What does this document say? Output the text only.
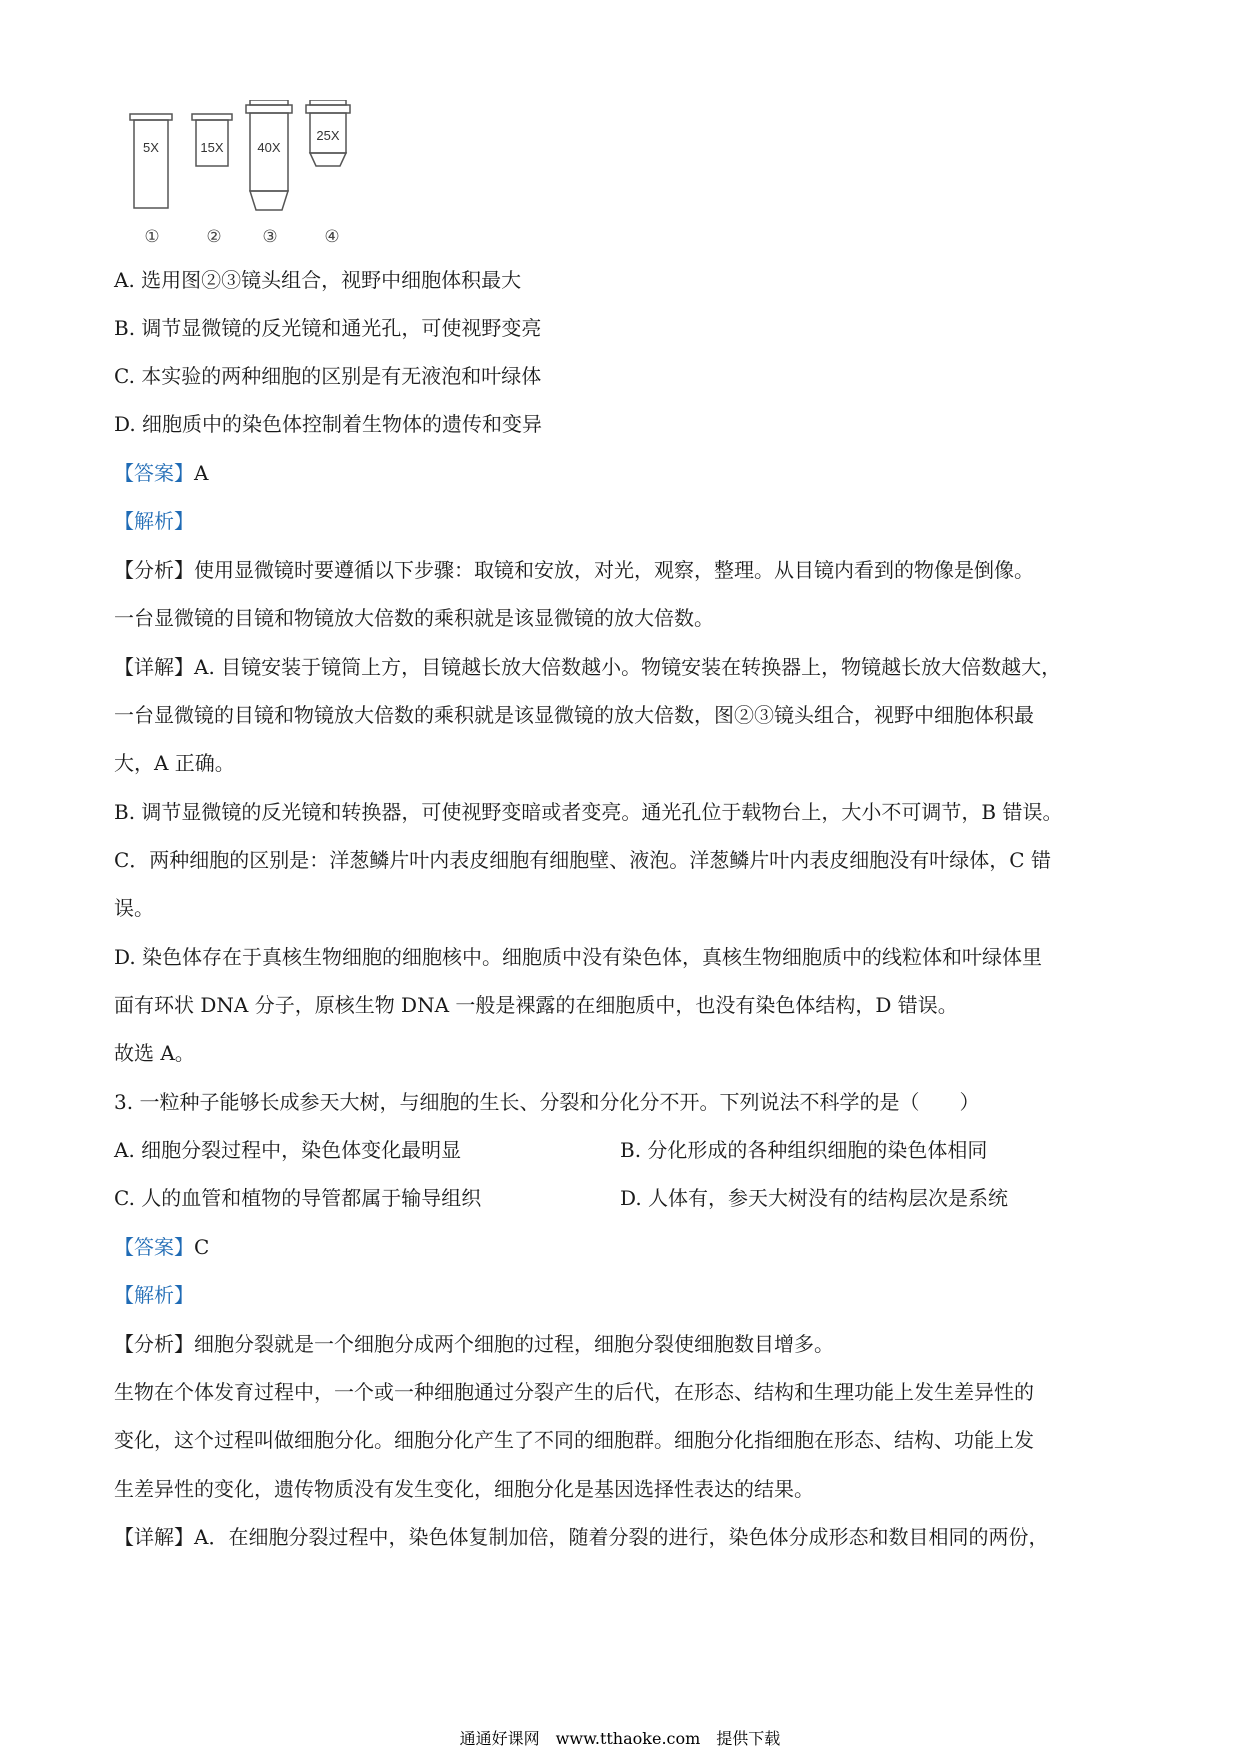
5X
①
15X
②
40X
③
25X
④
A. 选用图②③镜头组合，视野中细胞体积最大
B. 调节显微镜的反光镜和通光孔，可使视野变亮
C. 本实验的两种细胞的区别是有无液泡和叶绿体
D. 细胞质中的染色体控制着生物体的遗传和变异
【答案】A
【解析】
【分析】使用显微镜时要遵循以下步骤：取镜和安放，对光，观察，整理。从目镜内看到的物像是倒像。
一台显微镜的目镜和物镜放大倍数的乘积就是该显微镜的放大倍数。
【详解】A. 目镜安装于镜筒上方，目镜越长放大倍数越小。物镜安装在转换器上，物镜越长放大倍数越大，
一台显微镜的目镜和物镜放大倍数的乘积就是该显微镜的放大倍数，图②③镜头组合，视野中细胞体积最
大，A 正确。
B. 调节显微镜的反光镜和转换器，可使视野变暗或者变亮。通光孔位于载物台上，大小不可调节，B 错误。
C．两种细胞的区别是：洋葱鳞片叶内表皮细胞有细胞壁、液泡。洋葱鳞片叶内表皮细胞没有叶绿体，C 错
误。
D. 染色体存在于真核生物细胞的细胞核中。细胞质中没有染色体，真核生物细胞质中的线粒体和叶绿体里
面有环状 DNA 分子，原核生物 DNA 一般是裸露的在细胞质中，也没有染色体结构，D 错误。
故选 A。
3. 一粒种子能够长成参天大树，与细胞的生长、分裂和分化分不开。下列说法不科学的是（　　）
A. 细胞分裂过程中，染色体变化最明显	B. 分化形成的各种组织细胞的染色体相同
C. 人的血管和植物的导管都属于输导组织	D. 人体有，参天大树没有的结构层次是系统
【答案】C
【解析】
【分析】细胞分裂就是一个细胞分成两个细胞的过程，细胞分裂使细胞数目增多。
生物在个体发育过程中，一个或一种细胞通过分裂产生的后代，在形态、结构和生理功能上发生差异性的
变化，这个过程叫做细胞分化。细胞分化产生了不同的细胞群。细胞分化指细胞在形态、结构、功能上发
生差异性的变化，遗传物质没有发生变化，细胞分化是基因选择性表达的结果。
【详解】A．在细胞分裂过程中，染色体复制加倍，随着分裂的进行，染色体分成形态和数目相同的两份，
通通好课网　www.tthaoke.com　提供下载
